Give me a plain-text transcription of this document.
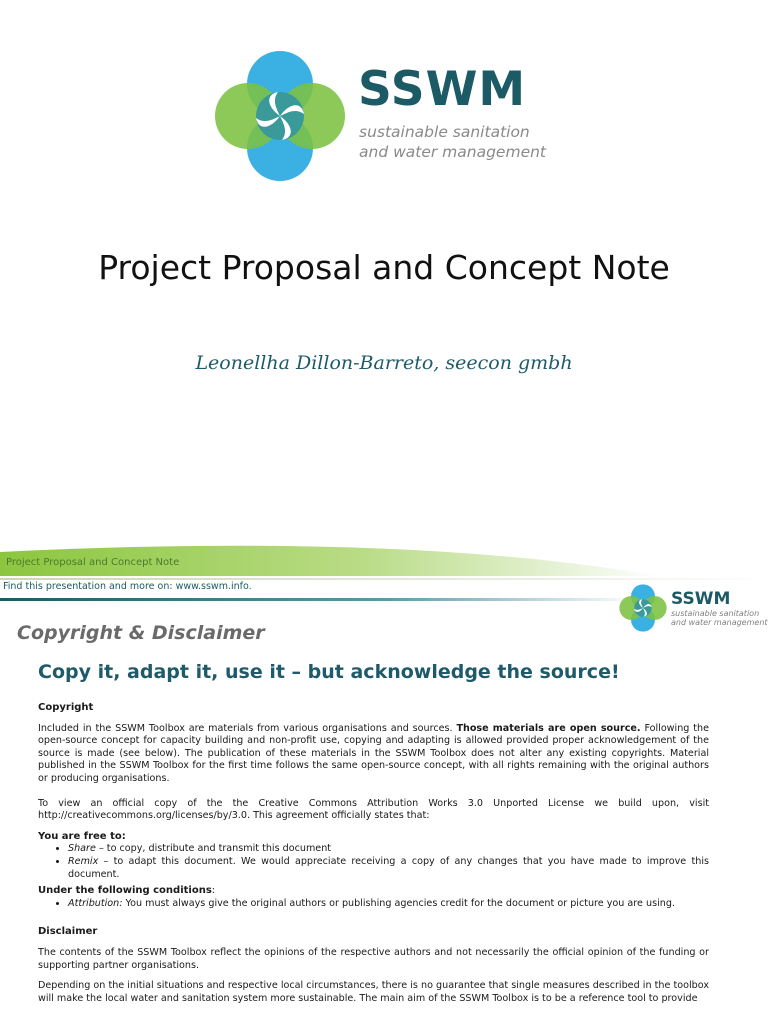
SSWM
sustainable sanitation
and water management
Project Proposal and Concept Note
Leonellha Dillon-Barreto, seecon gmbh
Project Proposal and Concept Note
Find this presentation and more on: www.sswm.info.
SSWM
sustainable sanitation
and water management
Copyright & Disclaimer
Copy it, adapt it, use it – but acknowledge the source!
Copyright

Included in the SSWM Toolbox are materials from various organisations and sources. Those materials are open source. Following the open-source concept for capacity building and non-profit use, copying and adapting is allowed provided proper acknowledgement of the source is made (see below). The publication of these materials in the SSWM Toolbox does not alter any existing copyrights. Material published in the SSWM Toolbox for the first time follows the same open-source concept, with all rights remaining with the original authors or producing organisations.

To view an official copy of the the Creative Commons Attribution Works 3.0 Unported License we build upon, visit http://creativecommons.org/licenses/by/3.0. This agreement officially states that:

You are free to:
• Share – to copy, distribute and transmit this document
• Remix – to adapt this document. We would appreciate receiving a copy of any changes that you have made to improve this document.
Under the following conditions:
• Attribution: You must always give the original authors or publishing agencies credit for the document or picture you are using.
Disclaimer

The contents of the SSWM Toolbox reflect the opinions of the respective authors and not necessarily the official opinion of the funding or supporting partner organisations.

Depending on the initial situations and respective local circumstances, there is no guarantee that single measures described in the toolbox will make the local water and sanitation system more sustainable. The main aim of the SSWM Toolbox is to be a reference tool to provide
